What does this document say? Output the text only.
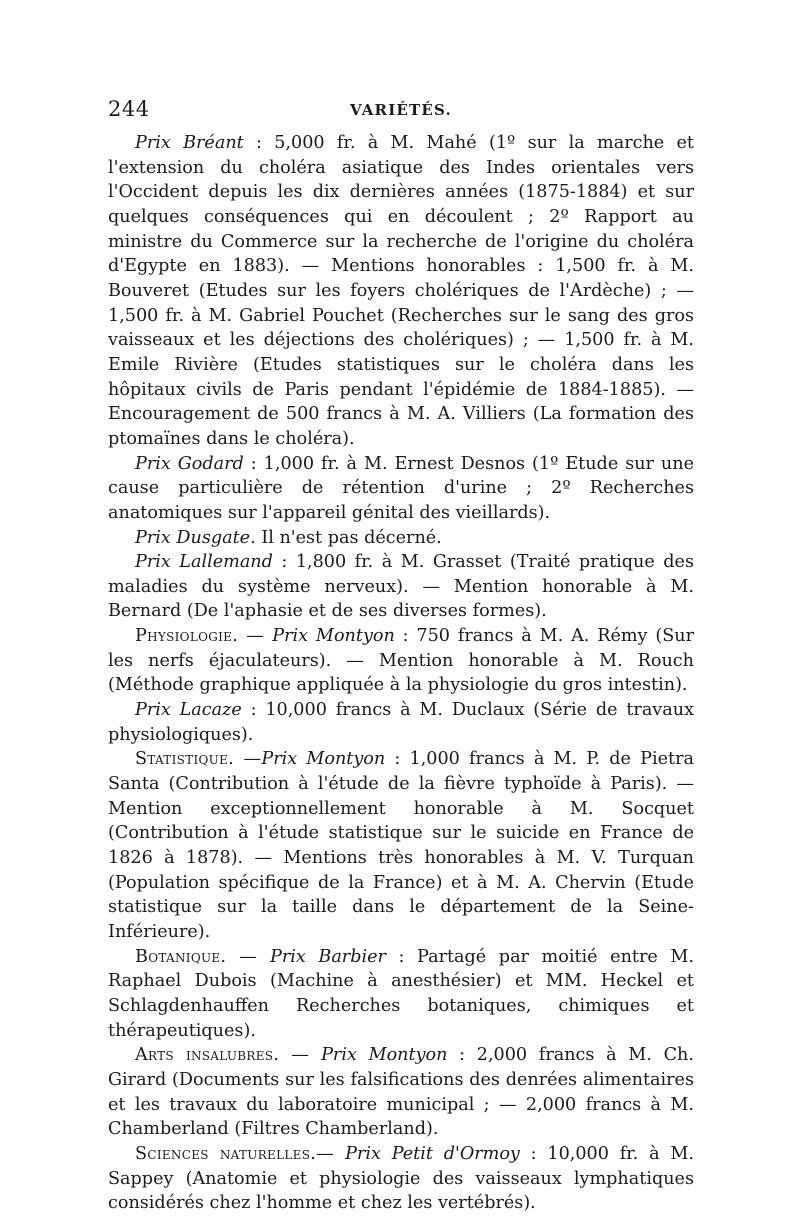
244	VARIÉTÉS.

Prix Bréant : 5,000 fr. à M. Mahé (1º sur la marche et l'extension du choléra asiatique des Indes orientales vers l'Occident depuis les dix dernières années (1875-1884) et sur quelques conséquences qui en découlent ; 2º Rapport au ministre du Commerce sur la recherche de l'origine du choléra d'Egypte en 1883). — Mentions honorables : 1,500 fr. à M. Bouveret (Etudes sur les foyers cholériques de l'Ardèche) ; — 1,500 fr. à M. Gabriel Pouchet (Recherches sur le sang des gros vaisseaux et les déjections des cholériques) ; — 1,500 fr. à M. Emile Rivière (Etudes statistiques sur le choléra dans les hôpitaux civils de Paris pendant l'épidémie de 1884-1885). — Encouragement de 500 francs à M. A. Villiers (La formation des ptomaïnes dans le choléra).

Prix Godard : 1,000 fr. à M. Ernest Desnos (1º Etude sur une cause particulière de rétention d'urine ; 2º Recherches anatomiques sur l'appareil génital des vieillards).

Prix Dusgate. Il n'est pas décerné.

Prix Lallemand : 1,800 fr. à M. Grasset (Traité pratique des maladies du système nerveux). — Mention honorable à M. Bernard (De l'aphasie et de ses diverses formes).

Physiologie. — Prix Montyon : 750 francs à M. A. Rémy (Sur les nerfs éjaculateurs). — Mention honorable à M. Rouch (Méthode graphique appliquée à la physiologie du gros intestin).

Prix Lacaze : 10,000 francs à M. Duclaux (Série de travaux physiologiques).

Statistique. —Prix Montyon : 1,000 francs à M. P. de Pietra Santa (Contribution à l'étude de la fièvre typhoïde à Paris). — Mention exceptionnellement honorable à M. Socquet (Contribution à l'étude statistique sur le suicide en France de 1826 à 1878). — Mentions très honorables à M. V. Turquan (Population spécifique de la France) et à M. A. Chervin (Etude statistique sur la taille dans le département de la Seine-Inférieure).

Botanique. — Prix Barbier : Partagé par moitié entre M. Raphael Dubois (Machine à anesthésier) et MM. Heckel et Schlagdenhauffen Recherches botaniques, chimiques et thérapeutiques).

Arts insalubres. — Prix Montyon : 2,000 francs à M. Ch. Girard (Documents sur les falsifications des denrées alimentaires et les travaux du laboratoire municipal ; — 2,000 francs à M. Chamberland (Filtres Chamberland).

Sciences naturelles.— Prix Petit d'Ormoy : 10,000 fr. à M. Sappey (Anatomie et physiologie des vaisseaux lymphatiques considérés chez l'homme et chez les vertébrés).
